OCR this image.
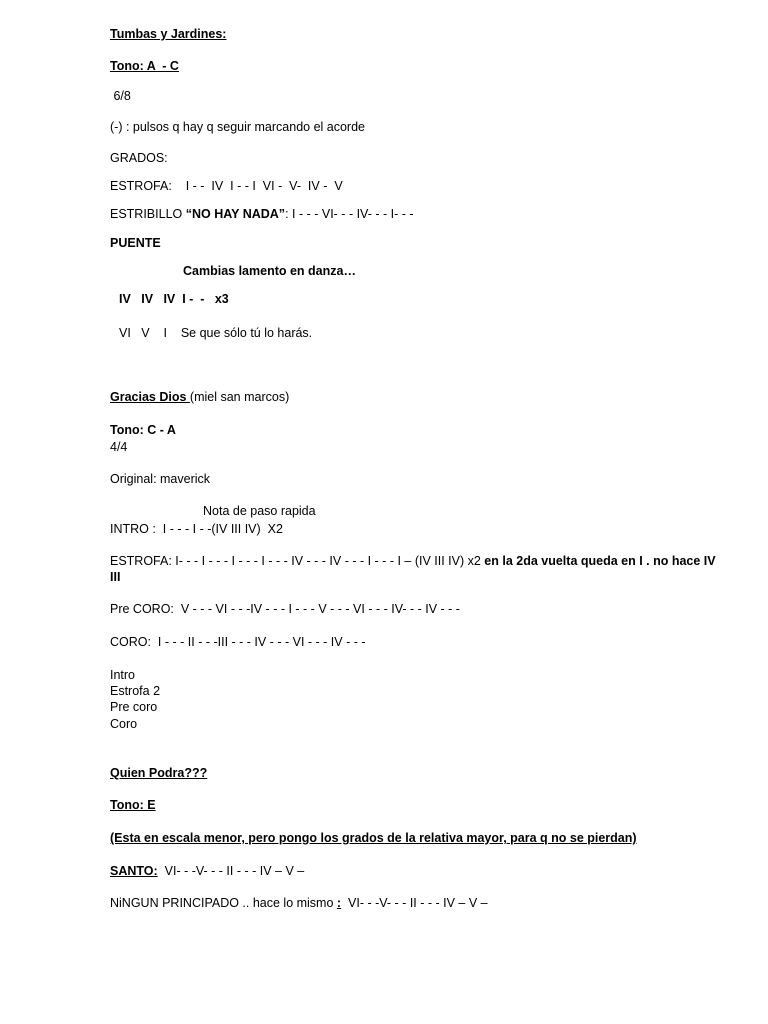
Tumbas y Jardines:
Tono: A  - C
6/8
(-) : pulsos q hay q seguir marcando el acorde
GRADOS:
ESTROFA:    I - -  IV  I - - I  VI -  V-  IV -  V
ESTRIBILLO “NO HAY NADA”: I - - - VI- - - IV- - - I- - -
PUENTE
Cambias lamento en danza…
IV   IV   IV  I -  -   x3
VI   V    I    Se que sólo tú lo harás.
Gracias Dios (miel san marcos)
Tono: C - A
4/4
Original: maverick
Nota de paso rapida
INTRO :  I - - - I - -(IV III IV)  X2
ESTROFA: I- - - I - - - I - - - I - - - IV - - - IV - - - I - - - I – (IV III IV) x2 en la 2da vuelta queda en I . no hace IV III
Pre CORO:  V - - - VI - - -IV - - - I - - - V - - - VI - - - IV- - - IV - - -
CORO:  I - - - II - - -III - - - IV - - - VI - - - IV - - -
Intro
Estrofa 2
Pre coro
Coro
Quien Podra???
Tono: E
(Esta en escala menor, pero pongo los grados de la relativa mayor, para q no se pierdan)
SANTO:  VI- - -V- - - II - - - IV – V –
NiNGUN PRINCIPADO .. hace lo mismo :  VI- - -V- - - II - - - IV – V –
